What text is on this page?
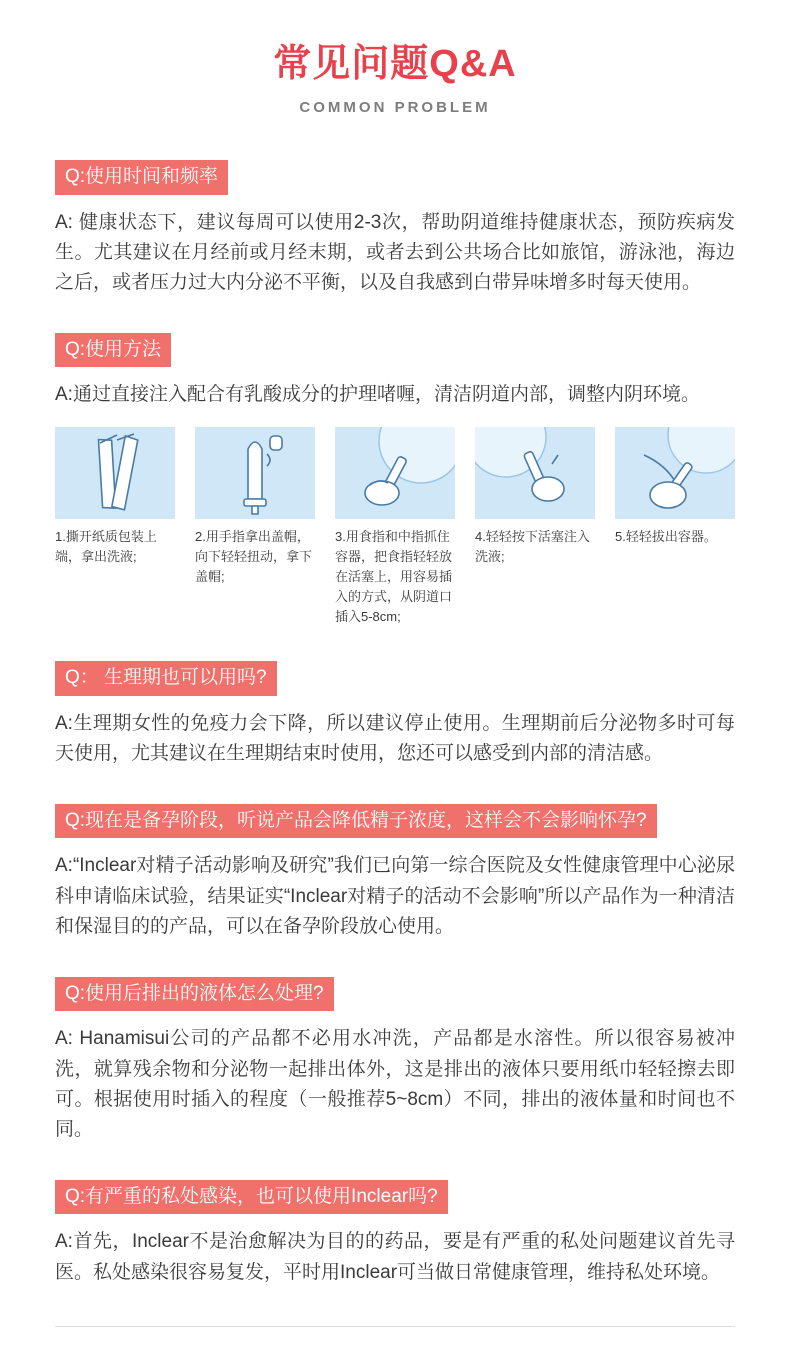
常见问题Q&A
COMMON PROBLEM
Q:使用时间和频率

A: 健康状态下，建议每周可以使用2-3次，帮助阴道维持健康状态，预防疾病发生。尤其建议在月经前或月经末期，或者去到公共场合比如旅馆，游泳池，海边之后，或者压力过大内分泌不平衡，以及自我感到白带异味增多时每天使用。

Q:使用方法

A:通过直接注入配合有乳酸成分的护理啫喱，清洁阴道内部，调整内阴环境。

1.撕开纸质包装上端，拿出洗液;

2.用手指拿出盖帽，向下轻轻扭动，拿下盖帽;

3.用食指和中指抓住容器，把食指轻轻放在活塞上，用容易插入的方式，从阴道口插入5-8cm;

4.轻轻按下活塞注入洗液;

5.轻轻拔出容器。

Q： 生理期也可以用吗?

A:生理期女性的免疫力会下降，所以建议停止使用。生理期前后分泌物多时可每天使用，尤其建议在生理期结束时使用，您还可以感受到内部的清洁感。

Q:现在是备孕阶段，听说产品会降低精子浓度，这样会不会影响怀孕?

A:“Inclear对精子活动影响及研究”我们已向第一综合医院及女性健康管理中心泌尿科申请临床试验，结果证实“Inclear对精子的活动不会影响”所以产品作为一种清洁和保湿目的的产品，可以在备孕阶段放心使用。

Q:使用后排出的液体怎么处理?

A: Hanamisui公司的产品都不必用水冲洗，产品都是水溶性。所以很容易被冲洗，就算残余物和分泌物一起排出体外，这是排出的液体只要用纸巾轻轻擦去即可。根据使用时插入的程度（一般推荐5~8cm）不同，排出的液体量和时间也不同。

Q:有严重的私处感染，也可以使用Inclear吗?

A:首先，Inclear不是治愈解决为目的的药品，要是有严重的私处问题建议首先寻医。私处感染很容易复发，平时用Inclear可当做日常健康管理，维持私处环境。
